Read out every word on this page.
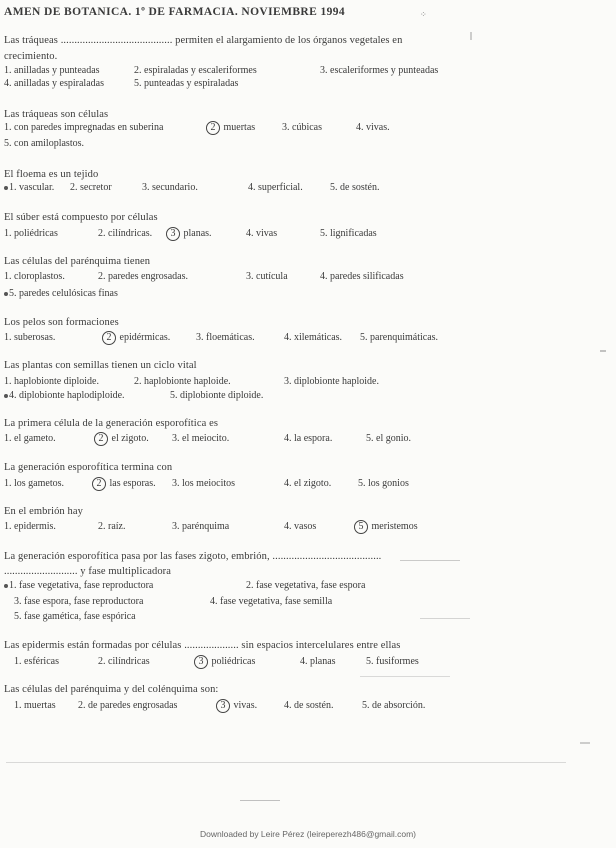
AMEN DE BOTANICA. 1º DE FARMACIA. NOVIEMBRE 1994	⁘
Las tráqueas ......................................... permiten el alargamiento de los órganos vegetales en
crecimiento.
1. anilladas y punteadas	2. espiraladas y escaleriformes	3. escaleriformes y punteadas
4. anilladas y espiraladas	5. punteadas y espiraladas
Las tráqueas son células
1. con paredes impregnadas en suberina	2 muertas	3. cúbicas	4. vivas.
5. con amiloplastos.
El floema es un tejido
1. vascular. 2. secretor	3. secundario.	4. superficial.	5. de sostén.
El súber está compuesto por células
1. poliédricas	2. cilíndricas.	3 planas.	4. vivas	5. lignificadas
Las células del parénquima tienen
1. cloroplastos.	2. paredes engrosadas.	3. cutícula	4. paredes silificadas
5. paredes celulósicas finas
Los pelos son formaciones
1. suberosas.	2 epidérmicas.	3. floemáticas.	4. xilemáticas. 5. parenquimáticas.
Las plantas con semillas tienen un ciclo vital
1. haplobionte diploide.	2. haplobionte haploide.	3. diplobionte haploide.
4. diplobionte haplodiploide.	5. diplobionte diploide.
La primera célula de la generación esporofítica es
1. el gameto.	2 el zigoto. 3. el meiocito.	4. la espora.	5. el gonio.
La generación esporofítica termina con
1. los gametos.	2 las esporas. 3. los meiocitos	4. el zigoto.	5. los gonios
En el embrión hay
1. epidermis.	2. raíz.	3. parénquima	4. vasos	5 meristemos
La generación esporofítica pasa por las fases zigoto, embrión, ........................................
........................... y fase multiplicadora
1. fase vegetativa, fase reproductora	2. fase vegetativa, fase espora
3. fase espora, fase reproductora	4. fase vegetativa, fase semilla
5. fase gamética, fase espórica
Las epidermis están formadas por células .................... sin espacios intercelulares entre ellas
1. esféricas	2. cilíndricas	3 poliédricas	4. planas	5. fusiformes
Las células del parénquima y del colénquima son:
1. muertas 2. de paredes engrosadas	3 vivas.	4. de sostén.	5. de absorción.
Downloaded by Leire Pérez (leireperezh486@gmail.com)
